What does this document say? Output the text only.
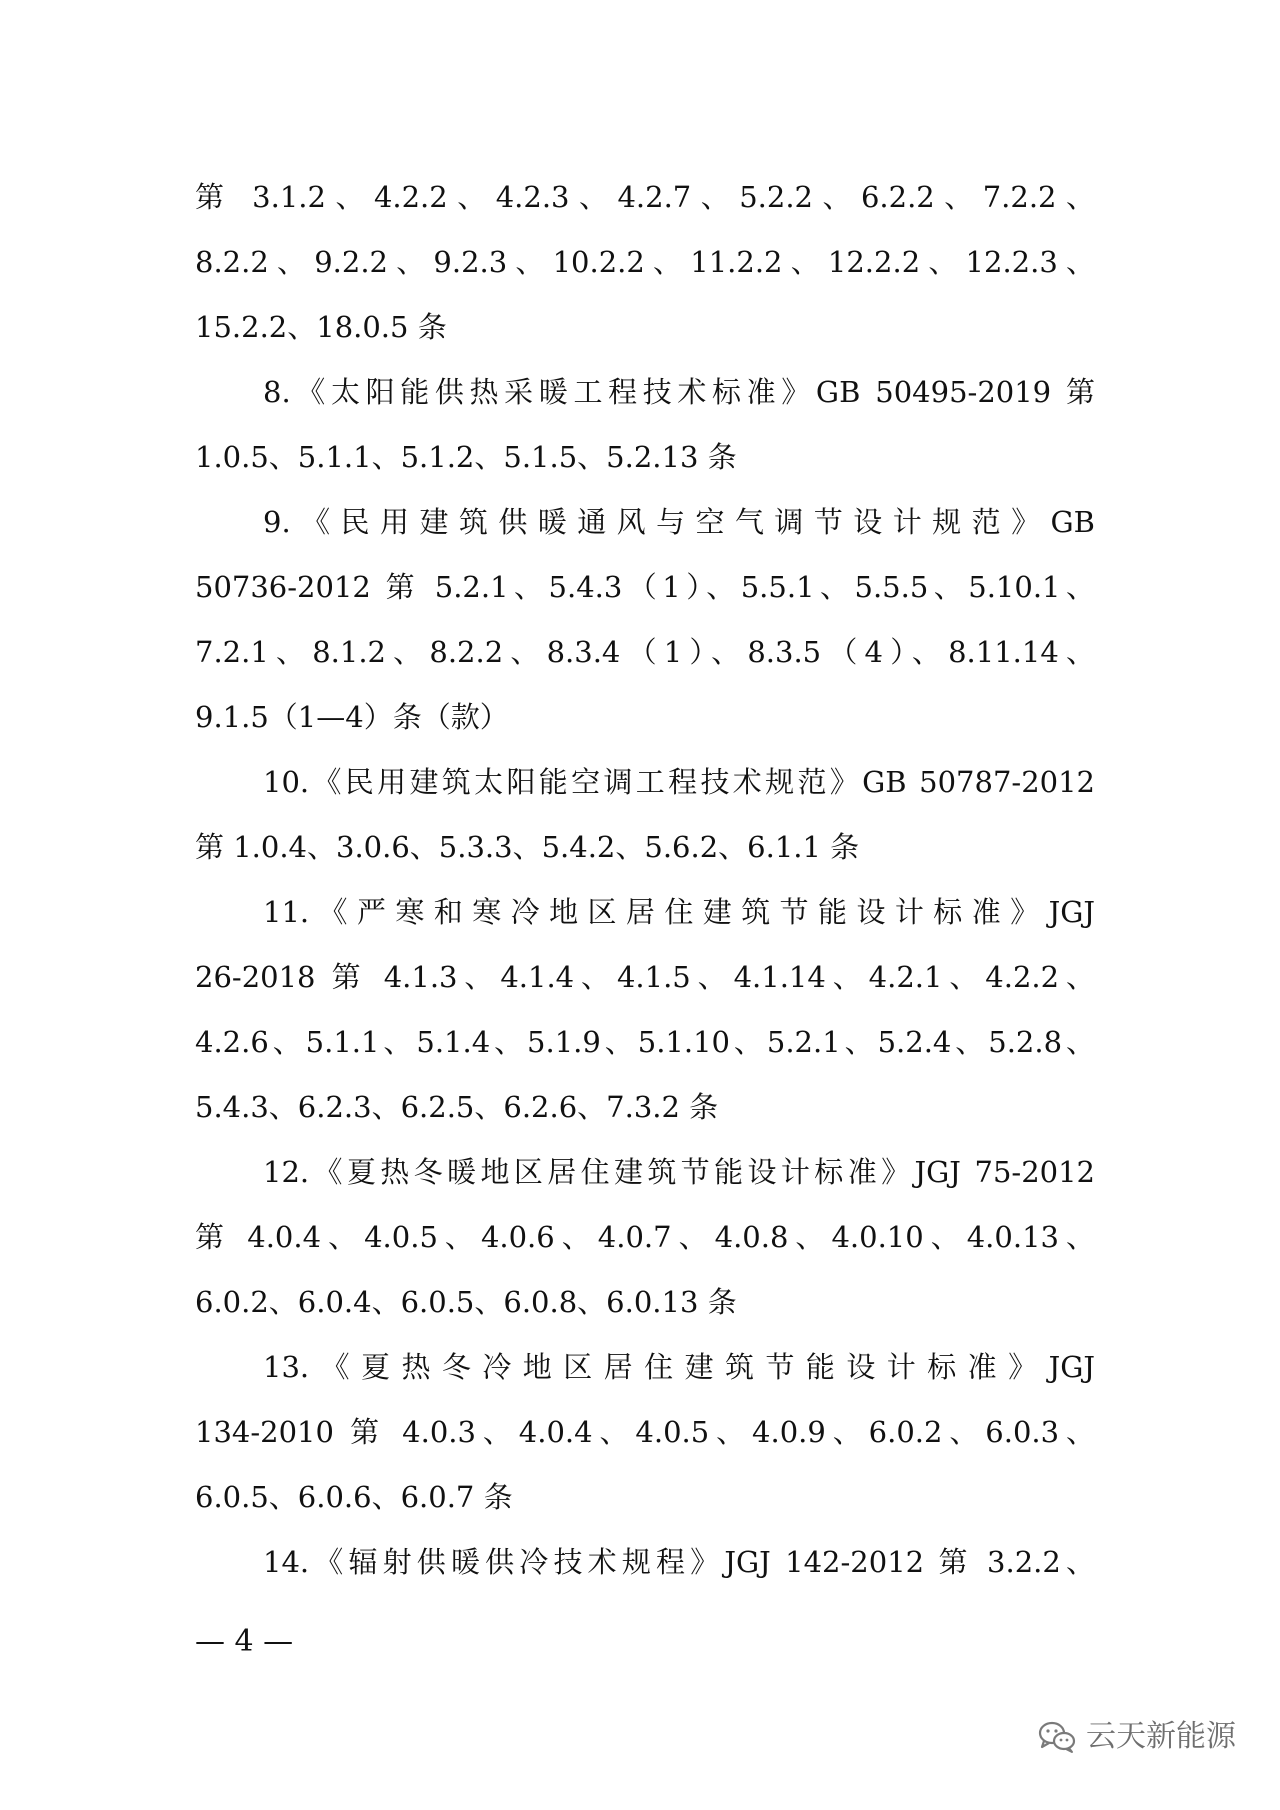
第 3.1.2、4.2.2、4.2.3、4.2.7、5.2.2、6.2.2、7.2.2、
8.2.2、9.2.2、9.2.3、10.2.2、11.2.2、12.2.2、12.2.3、
15.2.2、18.0.5 条
8.《太阳能供热采暖工程技术标准》GB 50495-2019 第
1.0.5、5.1.1、5.1.2、5.1.5、5.2.13 条
9.《民用建筑供暖通风与空气调节设计规范》GB
50736-2012 第 5.2.1、5.4.3（1）、5.5.1、5.5.5、5.10.1、
7.2.1、8.1.2、8.2.2、8.3.4（1）、8.3.5（4）、8.11.14、
9.1.5（1—4）条（款）
10.《民用建筑太阳能空调工程技术规范》GB 50787-2012
第 1.0.4、3.0.6、5.3.3、5.4.2、5.6.2、6.1.1 条
11.《严寒和寒冷地区居住建筑节能设计标准》JGJ
26-2018 第 4.1.3、4.1.4、4.1.5、4.1.14、4.2.1、4.2.2、
4.2.6、5.1.1、5.1.4、5.1.9、5.1.10、5.2.1、5.2.4、5.2.8、
5.4.3、6.2.3、6.2.5、6.2.6、7.3.2 条
12.《夏热冬暖地区居住建筑节能设计标准》JGJ 75-2012
第 4.0.4、4.0.5、4.0.6、4.0.7、4.0.8、4.0.10、4.0.13、
6.0.2、6.0.4、6.0.5、6.0.8、6.0.13 条
13.《夏热冬冷地区居住建筑节能设计标准》JGJ
134-2010 第 4.0.3、4.0.4、4.0.5、4.0.9、6.0.2、6.0.3、
6.0.5、6.0.6、6.0.7 条
14.《辐射供暖供冷技术规程》JGJ 142-2012 第 3.2.2、
— 4 —
云天新能源
